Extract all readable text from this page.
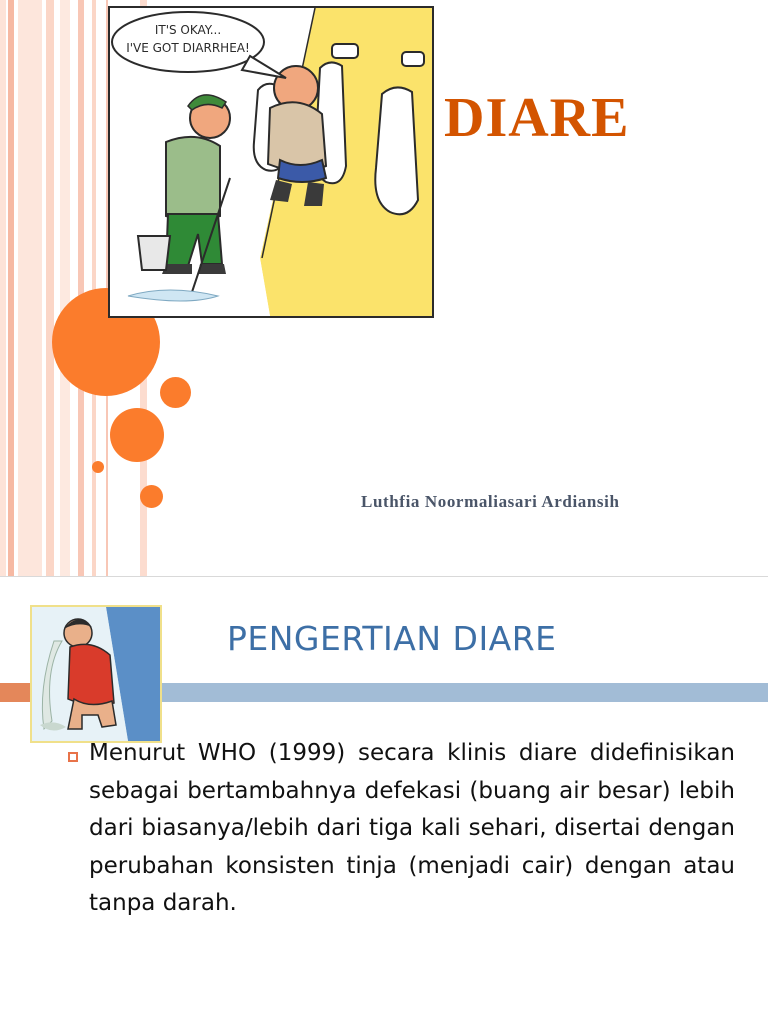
IT'S OKAY...
I'VE GOT DIARRHEA!
DIARE
Luthfia Noormaliasari Ardiansih
PENGERTIAN DIARE

Menurut WHO (1999) secara klinis diare didefinisikan sebagai bertambahnya defekasi (buang air besar) lebih dari biasanya/lebih dari tiga kali sehari, disertai dengan perubahan konsisten tinja (menjadi cair) dengan atau tanpa darah.
